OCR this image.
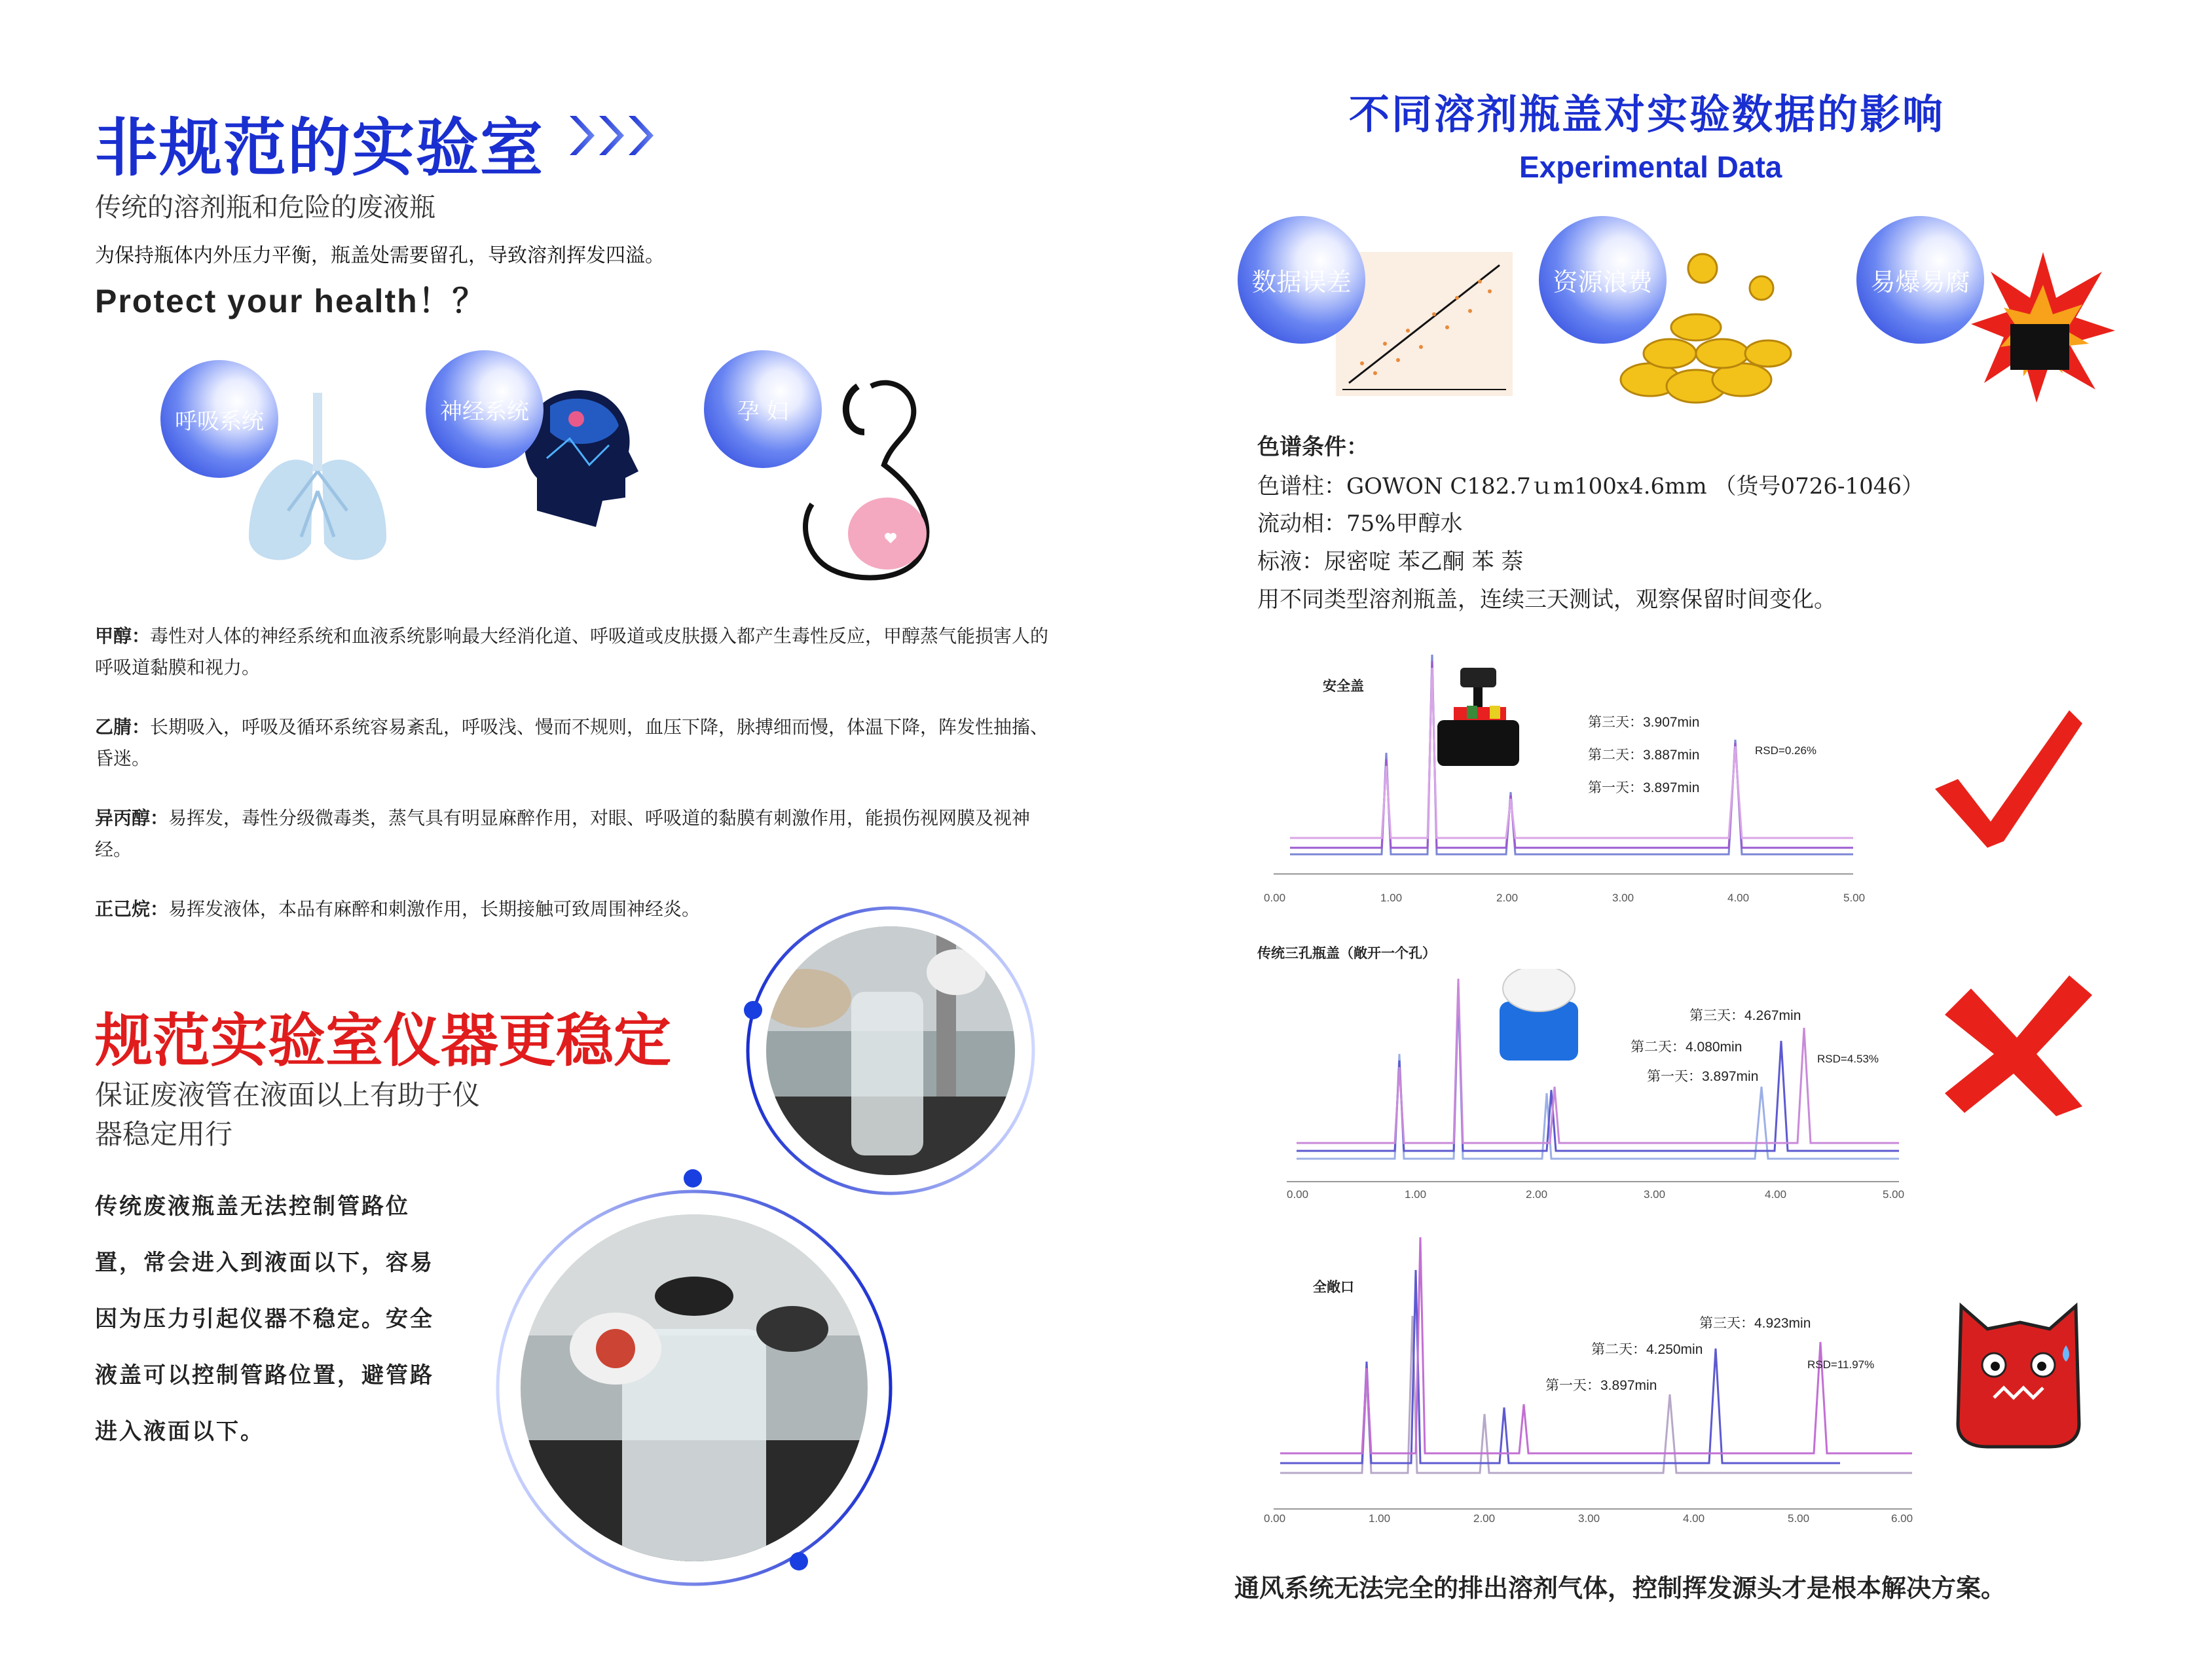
非规范的实验室
传统的溶剂瓶和危险的废液瓶
为保持瓶体内外压力平衡，瓶盖处需要留孔，导致溶剂挥发四溢。
Protect your health！？
呼吸系统	神经系统	孕 妇
甲醇：毒性对人体的神经系统和血液系统影响最大经消化道、呼吸道或皮肤摄入都产生毒性反应，甲醇蒸气能损害人的呼吸道黏膜和视力。
乙腈：长期吸入，呼吸及循环系统容易紊乱，呼吸浅、慢而不规则，血压下降，脉搏细而慢，体温下降，阵发性抽搐、昏迷。
异丙醇：易挥发，毒性分级微毒类，蒸气具有明显麻醉作用，对眼、呼吸道的黏膜有刺激作用，能损伤视网膜及视神经。
正己烷：易挥发液体，本品有麻醉和刺激作用，长期接触可致周围神经炎。
规范实验室仪器更稳定
保证废液管在液面以上有助于仪
器稳定用行
传统废液瓶盖无法控制管路位
置，常会进入到液面以下，容易
因为压力引起仪器不稳定。安全
液盖可以控制管路位置，避管路
进入液面以下。
不同溶剂瓶盖对实验数据的影响
Experimental Data
数据误差	资源浪费	易爆易腐
色谱条件：
色谱柱：GOWON C182.7ｕm100x4.6mm （货号0726-1046）
流动相：75%甲醇水
标液：尿密啶 苯乙酮 苯 萘
用不同类型溶剂瓶盖，连续三天测试，观察保留时间变化。
安全盖
0.00	1.00	2.00	3.00	4.00	5.00
第三天：3.907min
第二天：3.887min
第一天：3.897min
RSD=0.26%
传统三孔瓶盖（敞开一个孔）
0.00	1.00	2.00	3.00	4.00	5.00
第三天：4.267min
第二天：4.080min
第一天：3.897min
RSD=4.53%
全敞口
0.00	1.00	2.00	3.00	4.00	5.00	6.00
第三天：4.923min
第二天：4.250min
第一天：3.897min
RSD=11.97%
通风系统无法完全的排出溶剂气体，控制挥发源头才是根本解决方案。
